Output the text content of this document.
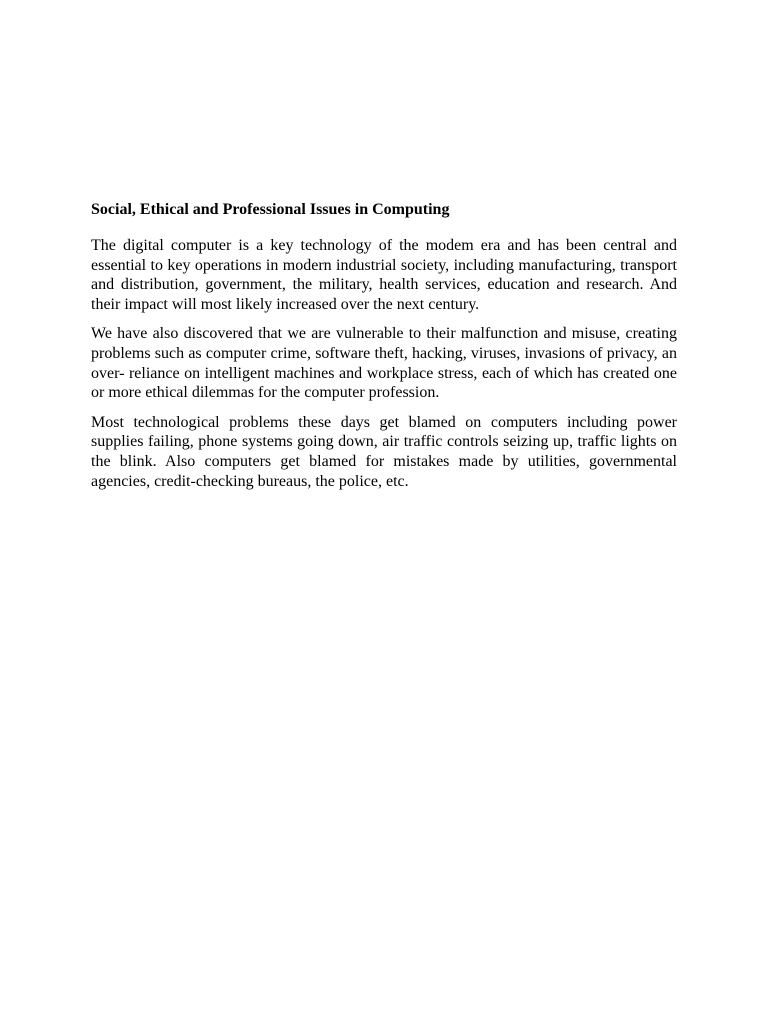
Social, Ethical and Professional Issues in Computing

The digital computer is a key technology of the modem era and has been central and essential to key operations in modern industrial society, including manufacturing, transport and distribution, government, the military, health services, education and research. And their impact will most likely increased over the next century.

We have also discovered that we are vulnerable to their malfunction and misuse, creating problems such as computer crime, software theft, hacking, viruses, invasions of privacy, an over- reliance on intelligent machines and workplace stress, each of which has created one or more ethical dilemmas for the computer profession.

Most technological problems these days get blamed on computers including power supplies failing, phone systems going down, air traffic controls seizing up, traffic lights on the blink. Also computers get blamed for mistakes made by utilities, governmental agencies, credit-checking bureaus, the police, etc.
